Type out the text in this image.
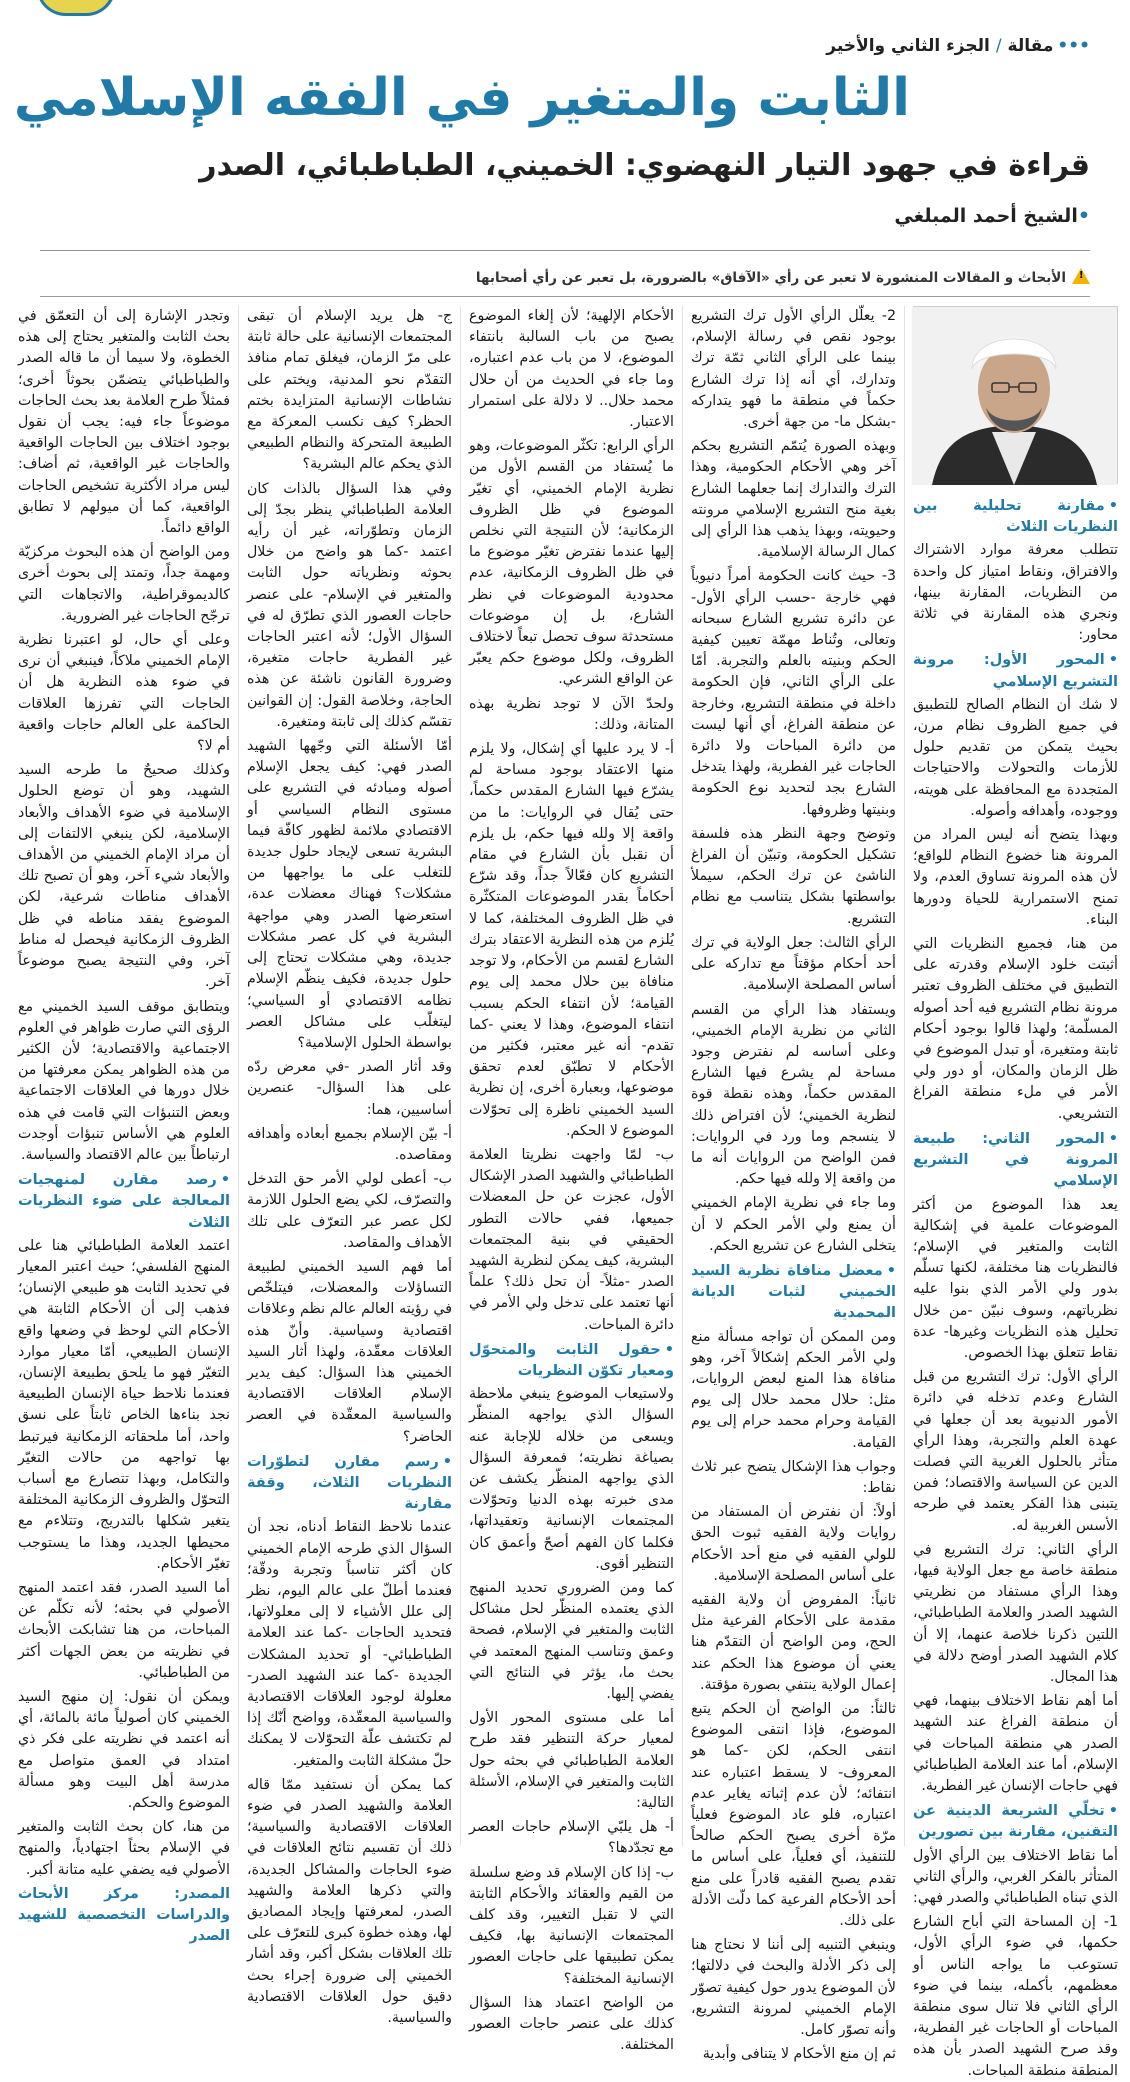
•••مقالة/الجزء الثاني والأخير
الثابت والمتغير في الفقه الإسلامي
قراءة في جهود التيار النهضوي: الخميني، الطباطبائي، الصدر
•الشيخ أحمد المبلغي
!الأبحاث و المقالات المنشورة لا تعبر عن رأي «الآفاق» بالضرورة، بل تعبر عن رأي أصحابها

• مقارنة تحليلية بين النظريات الثلاث

تتطلب معرفة موارد الاشتراك والافتراق، ونقاط امتياز كل واحدة من النظريات، المقارنة بينها، ونجري هذه المقارنة في ثلاثة محاور:

• المحور الأول: مرونة التشريع الإسلامي

لا شك أن النظام الصالح للتطبيق في جميع الظروف نظام مرن، بحيث يتمكن من تقديم حلول للأزمات والتحولات والاحتياجات المتجددة مع المحافظة على هويته، ووجوده، وأهدافه وأصوله.

وبهذا يتضح أنه ليس المراد من المرونة هنا خضوع النظام للواقع؛ لأن هذه المرونة تساوق العدم، ولا تمنح الاستمرارية للحياة ودورها البناء.

من هنا، فجميع النظريات التي أثبتت خلود الإسلام وقدرته على التطبيق في مختلف الظروف تعتبر مرونة نظام التشريع فيه أحد أصوله المسلّمة؛ ولهذا قالوا بوجود أحكام ثابتة ومتغيرة، أو تبدل الموضوع في ظل الزمان والمكان، أو دور ولي الأمر في ملء منطقة الفراغ التشريعي.

• المحور الثاني: طبيعة المرونة في التشريع الإسلامي

يعد هذا الموضوع من أكثر الموضوعات علمية في إشكالية الثابت والمتغير في الإسلام؛ فالنظريات هنا مختلفة، لكنها تسلّم بدور ولي الأمر الذي بنوا عليه نظرياتهم، وسوف نبيّن -من خلال تحليل هذه النظريات وغيرها- عدة نقاط تتعلق بهذا الخصوص.

الرأي الأول: ترك التشريع من قبل الشارع وعدم تدخله في دائرة الأمور الدنيوية بعد أن جعلها في عهدة العلم والتجربة، وهذا الرأي متأثر بالحلول الغربية التي فصلت الدين عن السياسة والاقتصاد؛ فمن يتبنى هذا الفكر يعتمد في طرحه الأسس الغربية له.

الرأي الثاني: ترك التشريع في منطقة خاصة مع جعل الولاية فيها، وهذا الرأي مستفاد من نظريتي الشهيد الصدر والعلامة الطباطبائي، اللتين ذكرنا خلاصة عنهما، إلا أن كلام الشهيد الصدر أوضح دلالة في هذا المجال.

أما أهم نقاط الاختلاف بينهما، فهي أن منطقة الفراغ عند الشهيد الصدر هي منطقة المباحات في الإسلام، أما عند العلامة الطباطبائي فهي حاجات الإنسان غير الفطرية.

• تخلّي الشريعة الدينية عن التقنين، مقارنة بين تصورين

أما نقاط الاختلاف بين الرأي الأول المتأثر بالفكر الغربي، والرأي الثاني الذي تبناه الطباطبائي والصدر فهي:

1- إن المساحة التي أباح الشارع حكمها، في ضوء الرأي الأول، تستوعب ما يواجه الناس أو معظمهم، بأكمله، بينما في ضوء الرأي الثاني فلا تنال سوى منطقة المباحات أو الحاجات غير الفطرية، وقد صرح الشهيد الصدر بأن هذه المنطقة منطقة المباحات.

2- يعلّل الرأي الأول ترك التشريع بوجود نقص في رسالة الإسلام، بينما على الرأي الثاني ثمّة ترك وتدارك، أي أنه إذا ترك الشارع حكماً في منطقة ما فهو يتداركه -بشكل ما- من جهة أخرى.

وبهذه الصورة يُتمّم التشريع بحكم آخر وهي الأحكام الحكومية، وهذا الترك والتدارك إنما جعلهما الشارع بغية منح التشريع الإسلامي مرونته وحيويته، وبهذا يذهب هذا الرأي إلى كمال الرسالة الإسلامية.

3- حيث كانت الحكومة أمراً دنيوياً فهي خارجة -حسب الرأي الأول- عن دائرة تشريع الشارع سبحانه وتعالى، وتُناط مهمّة تعيين كيفية الحكم وبنيته بالعلم والتجربة. أمّا على الرأي الثاني، فإن الحكومة داخلة في منطقة التشريع، وخارجة عن منطقة الفراغ، أي أنها ليست من دائرة المباحات ولا دائرة الحاجات غير الفطرية، ولهذا يتدخل الشارع بجد لتحديد نوع الحكومة وبنيتها وظروفها.

وتوضح وجهة النظر هذه فلسفة تشكيل الحكومة، وتبيّن أن الفراغ الناشئ عن ترك الحكم، سيملأ بواسطتها بشكل يتناسب مع نظام التشريع.

الرأي الثالث: جعل الولاية في ترك أحد أحكام مؤقتاً مع تداركه على أساس المصلحة الإسلامية.

ويستفاد هذا الرأي من القسم الثاني من نظرية الإمام الخميني، وعلى أساسه لم نفترض وجود مساحة لم يشرع فيها الشارع المقدس حكماً، وهذه نقطة قوة لنظرية الخميني؛ لأن افتراض ذلك لا ينسجم وما ورد في الروايات: فمن الواضح من الروايات أنه ما من واقعة إلا ولله فيها حكم.

وما جاء في نظرية الإمام الخميني أن يمنع ولي الأمر الحكم لا أن يتخلى الشارع عن تشريع الحكم.

• معضل منافاة نظرية السيد الخميني لثبات الديانة المحمدية

ومن الممكن أن تواجه مسألة منع ولي الأمر الحكم إشكالاً آخر، وهو منافاة هذا المنع لبعض الروايات، مثل: حلال محمد حلال إلى يوم القيامة وحرام محمد حرام إلى يوم القيامة.

وجواب هذا الإشكال يتضح عبر ثلاث نقاط:

أولاً: أن نفترض أن المستفاد من روايات ولاية الفقيه ثبوت الحق للولي الفقيه في منع أحد الأحكام على أساس المصلحة الإسلامية.

ثانياً: المفروض أن ولاية الفقيه مقدمة على الأحكام الفرعية مثل الحج، ومن الواضح أن التقدّم هنا يعني أن موضوع هذا الحكم عند إعمال الولاية ينتفي بصورة مؤقتة.

ثالثاً: من الواضح أن الحكم يتبع الموضوع، فإذا انتفى الموضوع انتفى الحكم، لكن -كما هو المعروف- لا يسقط اعتباره عند انتفائه؛ لأن عدم إثباته يغاير عدم اعتباره، فلو عاد الموضوع فعلياً مرّة أخرى يصبح الحكم صالحاً للتنفيذ، أي فعلياً، على أساس ما تقدم يصبح الفقيه قادراً على منع أحد الأحكام الفرعية كما دلّت الأدلة على ذلك.

وينبغي التنبيه إلى أننا لا نحتاج هنا إلى ذكر الأدلة والبحث في دلالتها؛ لأن الموضوع يدور حول كيفية تصوّر الإمام الخميني لمرونة التشريع، وأنه تصوّر كامل.

ثم إن منع الأحكام لا يتنافى وأبدية

الأحكام الإلهية؛ لأن إلغاء الموضوع يصبح من باب السالبة بانتفاء الموضوع، لا من باب عدم اعتباره، وما جاء في الحديث من أن حلال محمد حلال.. لا دلالة على استمرار الاعتبار.

الرأي الرابع: تكثّر الموضوعات، وهو ما يُستفاد من القسم الأول من نظرية الإمام الخميني، أي تغيّر الموضوع في ظل الظروف الزمكانية؛ لأن النتيجة التي نخلص إليها عندما نفترض تغيّر موضوع ما في ظل الظروف الزمكانية، عدم محدودية الموضوعات في نظر الشارع، بل إن موضوعات مستحدثة سوف تحصل تبعاً لاختلاف الظروف، ولكل موضوع حكم يعبّر عن الواقع الشرعي.

ولحدّ الآن لا توجد نظرية بهذه المتانة، وذلك:

أ- لا يرد عليها أي إشكال، ولا يلزم منها الاعتقاد بوجود مساحة لم يشرّع فيها الشارع المقدس حكماً، حتى يُقال في الروايات: ما من واقعة إلا ولله فيها حكم، بل يلزم أن نقبل بأن الشارع في مقام التشريع كان فعّالاً جداً، وقد شرّع أحكاماً بقدر الموضوعات المتكثّرة في ظل الظروف المختلفة، كما لا يُلزم من هذه النظرية الاعتقاد بترك الشارع لقسم من الأحكام، ولا توجد منافاة بين حلال محمد إلى يوم القيامة؛ لأن انتفاء الحكم بسبب انتفاء الموضوع، وهذا لا يعني -كما تقدم- أنه غير معتبر، فكثير من الأحكام لا تطبّق لعدم تحقق موضوعها، وبعبارة أخرى، إن نظرية السيد الخميني ناظرة إلى تحوّلات الموضوع لا الحكم.

ب- لمّا واجهت نظريتا العلامة الطباطبائي والشهيد الصدر الإشكال الأول، عجزت عن حل المعضلات جميعها، ففي حالات التطور الحقيقي في بنية المجتمعات البشرية، كيف يمكن لنظرية الشهيد الصدر -مثلاً- أن تحل ذلك؟ علماً أنها تعتمد على تدخل ولي الأمر في دائرة المباحات.

• حقول الثابت والمتحوّل ومعيار تكوّن النظريات

ولاستيعاب الموضوع ينبغي ملاحظة السؤال الذي يواجهه المنظّر ويسعى من خلاله للإجابة عنه بصياغة نظريته؛ فمعرفة السؤال الذي يواجهه المنظّر يكشف عن مدى خبرته بهذه الدنيا وتحوّلات المجتمعات الإنسانية وتعقيداتها، فكلما كان الفهم أصحّ وأعمق كان التنظير أقوى.

كما ومن الضروري تحديد المنهج الذي يعتمده المنظّر لحل مشاكل الثابت والمتغير في الإسلام، فصحة وعمق وتناسب المنهج المعتمد في بحث ما، يؤثر في النتائج التي يفضي إليها.

أما على مستوى المحور الأول لمعيار حركة التنظير فقد طرح العلامة الطباطبائي في بحثه حول الثابت والمتغير في الإسلام، الأسئلة التالية:

أ- هل يلبّي الإسلام حاجات العصر مع تجدّدها؟

ب- إذا كان الإسلام قد وضع سلسلة من القيم والعقائد والأحكام الثابتة التي لا تقبل التغيير، وقد كلف المجتمعات الإنسانية بها، فكيف يمكن تطبيقها على حاجات العصور الإنسانية المختلفة؟

من الواضح اعتماد هذا السؤال كذلك على عنصر حاجات العصور المختلفة.

ج- هل يريد الإسلام أن تبقى المجتمعات الإنسانية على حالة ثابتة على مرّ الزمان، فيغلق تمام منافذ التقدّم نحو المدنية، ويختم على نشاطات الإنسانية المتزايدة بختم الحظر؟ كيف نكسب المعركة مع الطبيعة المتحركة والنظام الطبيعي الذي يحكم عالم البشرية؟

وفي هذا السؤال بالذات كان العلامة الطباطبائي ينظر بجدّ إلى الزمان وتطوّراته، غير أن رأيه اعتمد -كما هو واضح من خلال بحوثه ونظرياته حول الثابت والمتغير في الإسلام- على عنصر حاجات العصور الذي تطرّق له في السؤال الأول؛ لأنه اعتبر الحاجات غير الفطرية حاجات متغيرة، وضرورة القانون ناشئة عن هذه الحاجة، وخلاصة القول: إن القوانين تقسّم كذلك إلى ثابتة ومتغيرة.

أمّا الأسئلة التي وجّهها الشهيد الصدر فهي: كيف يجعل الإسلام أصوله ومبادئه في التشريع على مستوى النظام السياسي أو الاقتصادي ملائمة لظهور كافّة فيما البشرية تسعى لإيجاد حلول جديدة للتغلب على ما يواجهها من مشكلات؟ فهناك معضلات عدة، استعرضها الصدر وهي مواجهة البشرية في كل عصر مشكلات جديدة، وهي مشكلات تحتاج إلى حلول جديدة، فكيف ينظّم الإسلام نظامه الاقتصادي أو السياسي؛ ليتغلّب على مشاكل العصر بواسطة الحلول الإسلامية؟

وقد أثار الصدر -في معرض ردّه على هذا السؤال- عنصرين أساسيين، هما:

أ- بيّن الإسلام بجميع أبعاده وأهدافه ومقاصده.

ب- أعطى لولي الأمر حق التدخل والتصرّف، لكي يضع الحلول اللازمة لكل عصر عبر التعرّف على تلك الأهداف والمقاصد.

أما فهم السيد الخميني لطبيعة التساؤلات والمعضلات، فيتلخّص في رؤيته العالم عالم نظم وعلاقات اقتصادية وسياسية. وأنّ هذه العلاقات معقّدة، ولهذا أثار السيد الخميني هذا السؤال: كيف يدير الإسلام العلاقات الاقتصادية والسياسية المعقّدة في العصر الحاضر؟

• رسم مقارن لتطوّرات النظريات الثلاث، وقفة مقارنة

عندما نلاحظ النقاط أدناه، نجد أن السؤال الذي طرحه الإمام الخميني كان أكثر تناسباً وتجربة ودقّة؛ فعندما أطلّ على عالم اليوم، نظر إلى علل الأشياء لا إلى معلولاتها، فتحديد الحاجات -كما عند العلامة الطباطبائي- أو تحديد المشكلات الجديدة -كما عند الشهيد الصدر- معلولة لوجود العلاقات الاقتصادية والسياسية المعقّدة، وواضح أنّك إذا لم تكتشف علّة التحوّلات لا يمكنك حلّ مشكلة الثابت والمتغير.

كما يمكن أن نستفيد ممّا قاله العلامة والشهيد الصدر في ضوء العلاقات الاقتصادية والسياسية؛ ذلك أن تقسيم نتائج العلاقات في ضوء الحاجات والمشاكل الجديدة، والتي ذكرها العلامة والشهيد الصدر، لمعرفتها وإيجاد المصاديق لها، وهذه خطوة كبرى للتعرّف على تلك العلاقات بشكل أكبر، وقد أشار الخميني إلى ضرورة إجراء بحث دقيق حول العلاقات الاقتصادية والسياسية.

وتجدر الإشارة إلى أن التعمّق في بحث الثابت والمتغير يحتاج إلى هذه الخطوة، ولا سيما أن ما قاله الصدر والطباطبائي يتضمّن بحوثاً أخرى؛ فمثلاً طرح العلامة بعد بحث الحاجات موضوعاً جاء فيه: يجب أن نقول بوجود اختلاف بين الحاجات الواقعية والحاجات غير الواقعية، ثم أضاف: ليس مراد الأكثرية تشخيص الحاجات الواقعية، كما أن ميولهم لا تطابق الواقع دائماً.

ومن الواضح أن هذه البحوث مركزيّة ومهمة جداً، وتمتد إلى بحوث أخرى كالديموقراطية، والاتجاهات التي ترجّح الحاجات غير الضرورية.

وعلى أي حال، لو اعتبرنا نظرية الإمام الخميني ملاكاً، فينبغي أن نرى في ضوء هذه النظرية هل أن الحاجات التي تفرزها العلاقات الحاكمة على العالم حاجات واقعية أم لا؟

وكذلك صحيحٌ ما طرحه السيد الشهيد، وهو أن توضع الحلول الإسلامية في ضوء الأهداف والأبعاد الإسلامية، لكن ينبغي الالتفات إلى أن مراد الإمام الخميني من الأهداف والأبعاد شيء آخر، وهو أن تصبح تلك الأهداف مناطات شرعية، لكن الموضوع يفقد مناطه في ظل الظروف الزمكانية فيحصل له مناط آخر، وفي النتيجة يصبح موضوعاً آخر.

ويتطابق موقف السيد الخميني مع الرؤى التي صارت ظواهر في العلوم الاجتماعية والاقتصادية؛ لأن الكثير من هذه الظواهر يمكن معرفتها من خلال دورها في العلاقات الاجتماعية وبعض التنبؤات التي قامت في هذه العلوم هي الأساس تنبؤات أوجدت ارتباطاً بين عالم الاقتصاد والسياسة.

• رصد مقارن لمنهجيات المعالجة على ضوء النظريات الثلاث

اعتمد العلامة الطباطبائي هنا على المنهج الفلسفي؛ حيث اعتبر المعيار في تحديد الثابت هو طبيعي الإنسان؛ فذهب إلى أن الأحكام الثابتة هي الأحكام التي لوحظ في وضعها واقع الإنسان الطبيعي، أمّا معيار موارد التغيّر فهو ما يلحق بطبيعة الإنسان، فعندما نلاحظ حياة الإنسان الطبيعية نجد بناءها الخاص ثابتاً على نسق واحد، أما ملحقاته الزمكانية فيرتبط بها تواجهه من حالات التغيّر والتكامل، وبهذا تتصارع مع أسباب التحوّل والظروف الزمكانية المختلفة يتغير شكلها بالتدريج، وتتلاءم مع محيطها الجديد، وهذا ما يستوجب تغيّر الأحكام.

أما السيد الصدر، فقد اعتمد المنهج الأصولي في بحثه؛ لأنه تكلّم عن المباحات، من هنا تشابكت الأبحاث في نظريته من بعض الجهات أكثر من الطباطبائي.

ويمكن أن نقول: إن منهج السيد الخميني كان أصولياً مائة بالمائة، أي أنه اعتمد في نظريته على فكر ذي امتداد في العمق متواصل مع مدرسة أهل البيت وهو مسألة الموضوع والحكم.

من هنا، كان بحث الثابت والمتغير في الإسلام بحثاً اجتهادياً، والمنهج الأصولي فيه يضفي عليه متانة أكبر.

المصدر: مركز الأبحاث والدراسات التخصصية للشهيد الصدر
